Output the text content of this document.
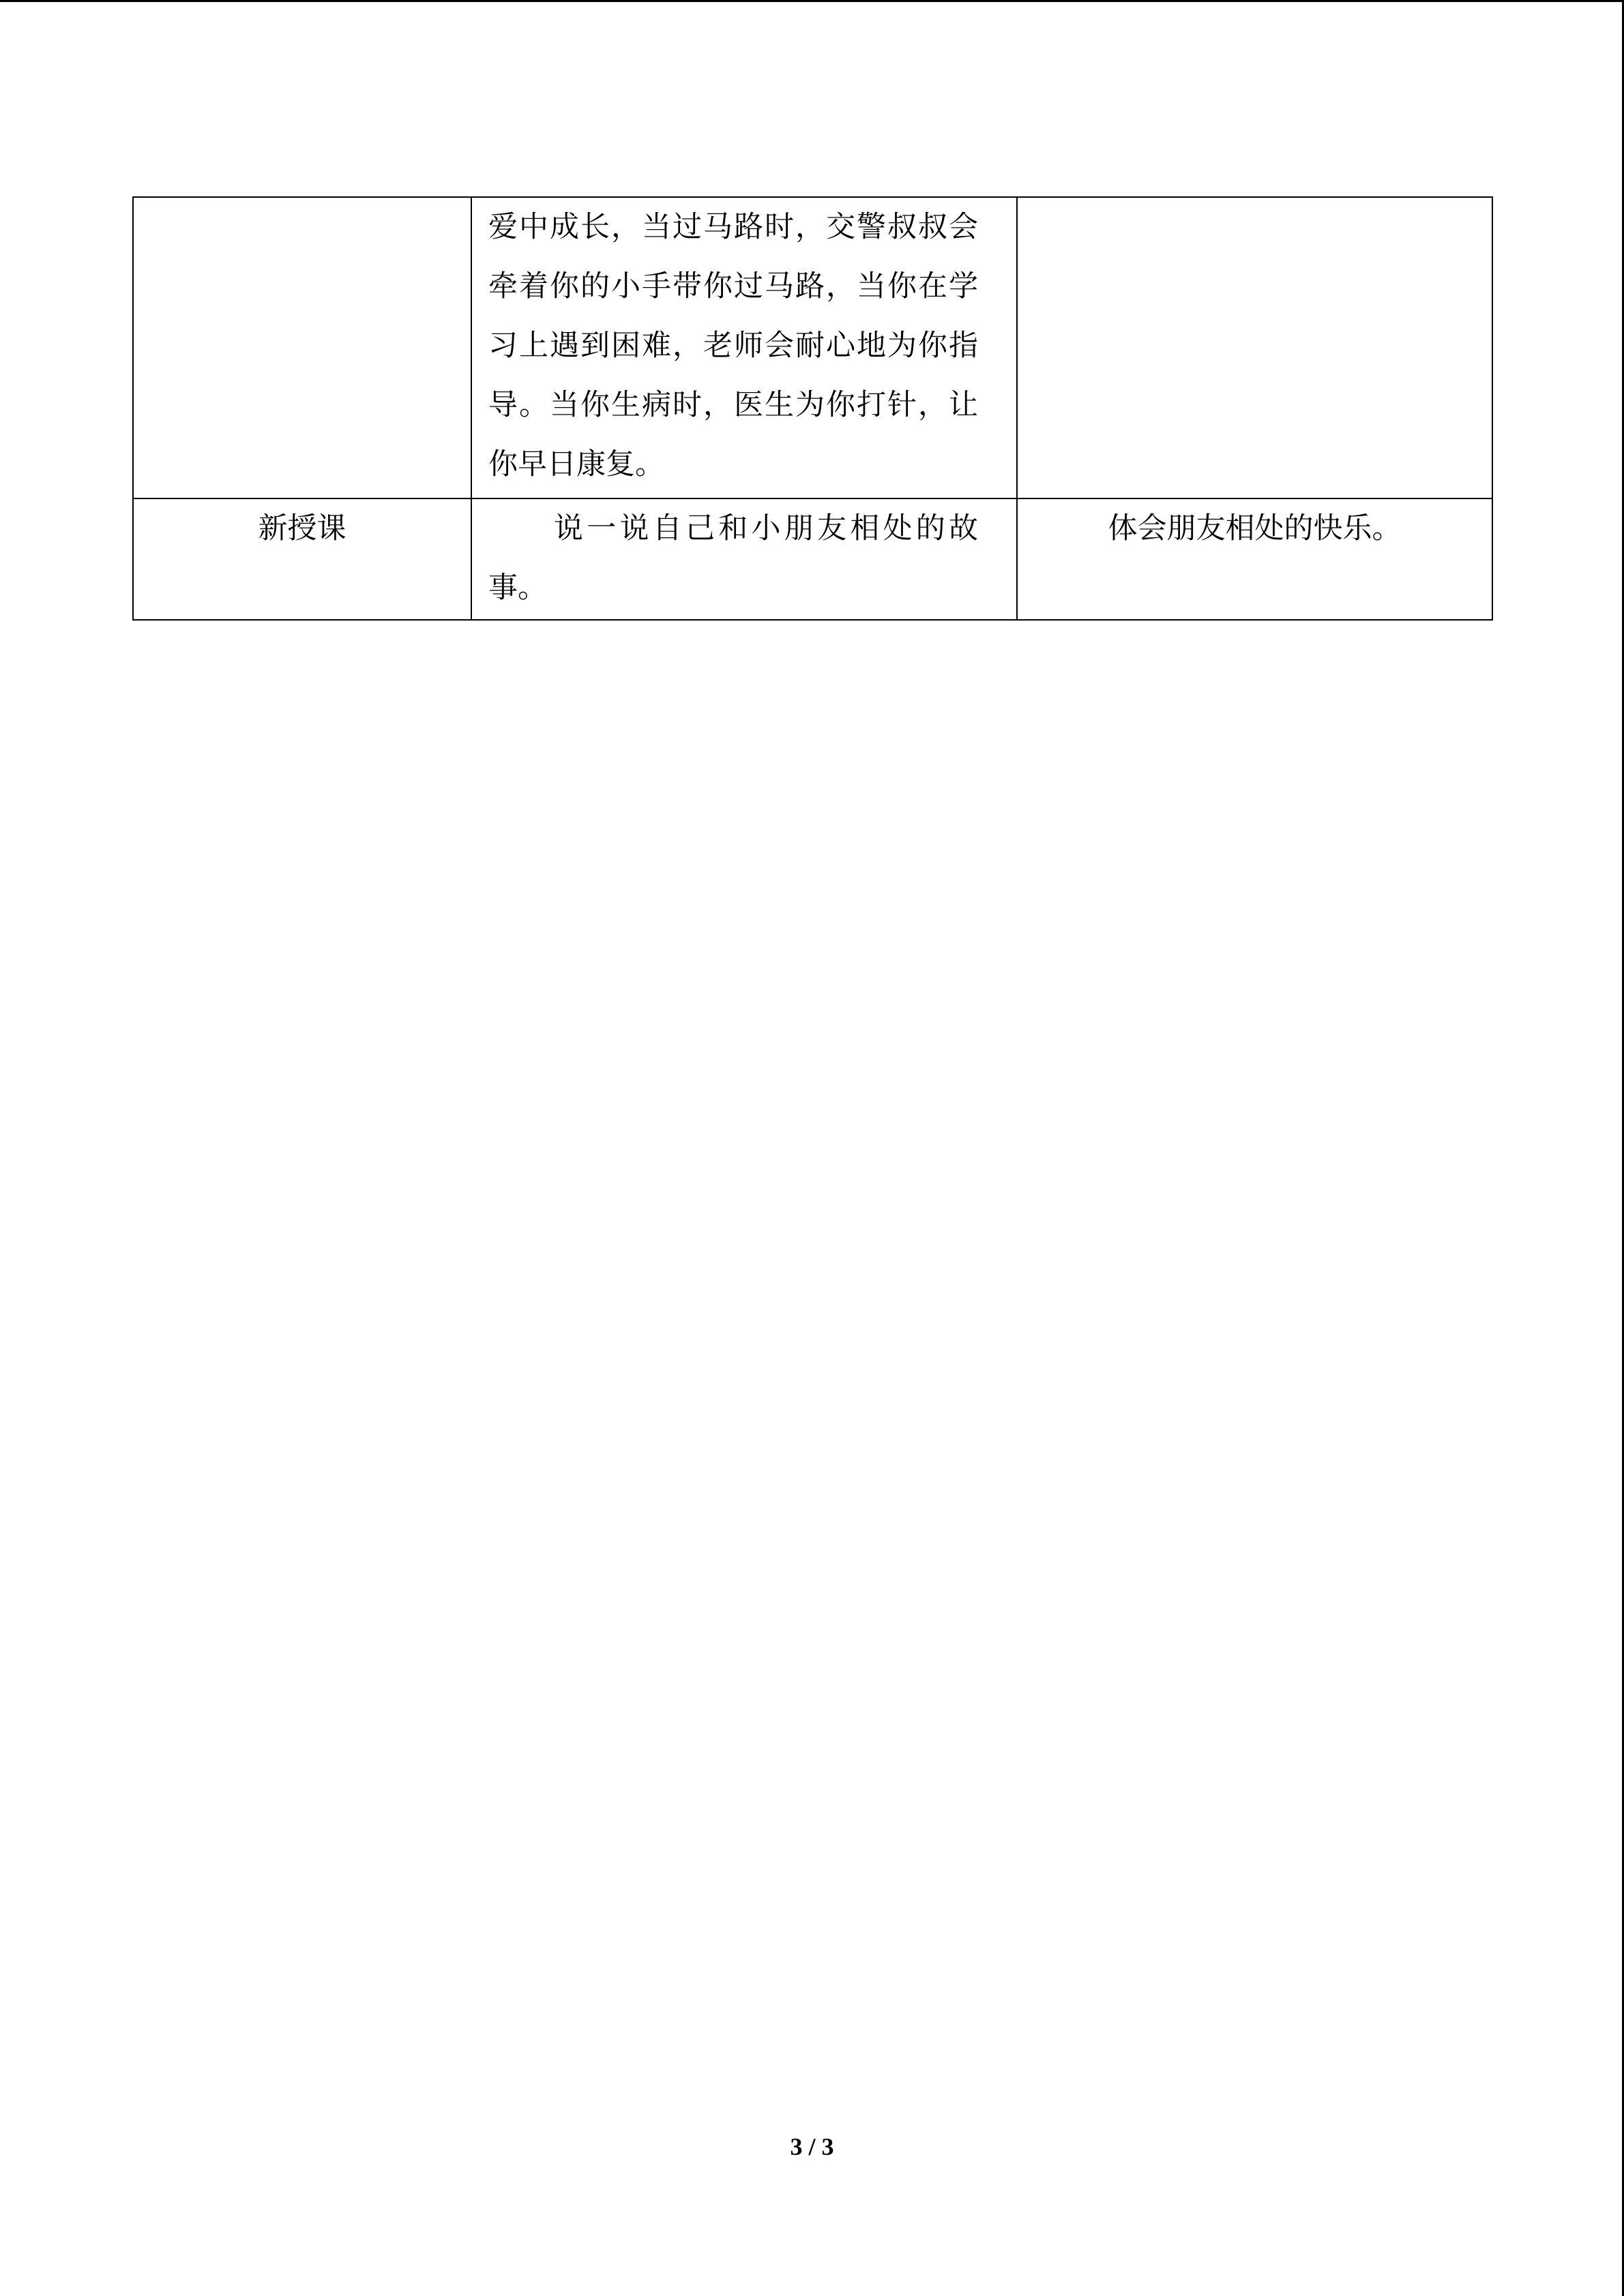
	爱中成长，当过马路时，交警叔叔会牵着你的小手带你过马路，当你在学习上遇到困难，老师会耐心地为你指导。当你生病时，医生为你打针，让你早日康复。	

新授课	说一说自己和小朋友相处的故事。	体会朋友相处的快乐。
3 / 3
